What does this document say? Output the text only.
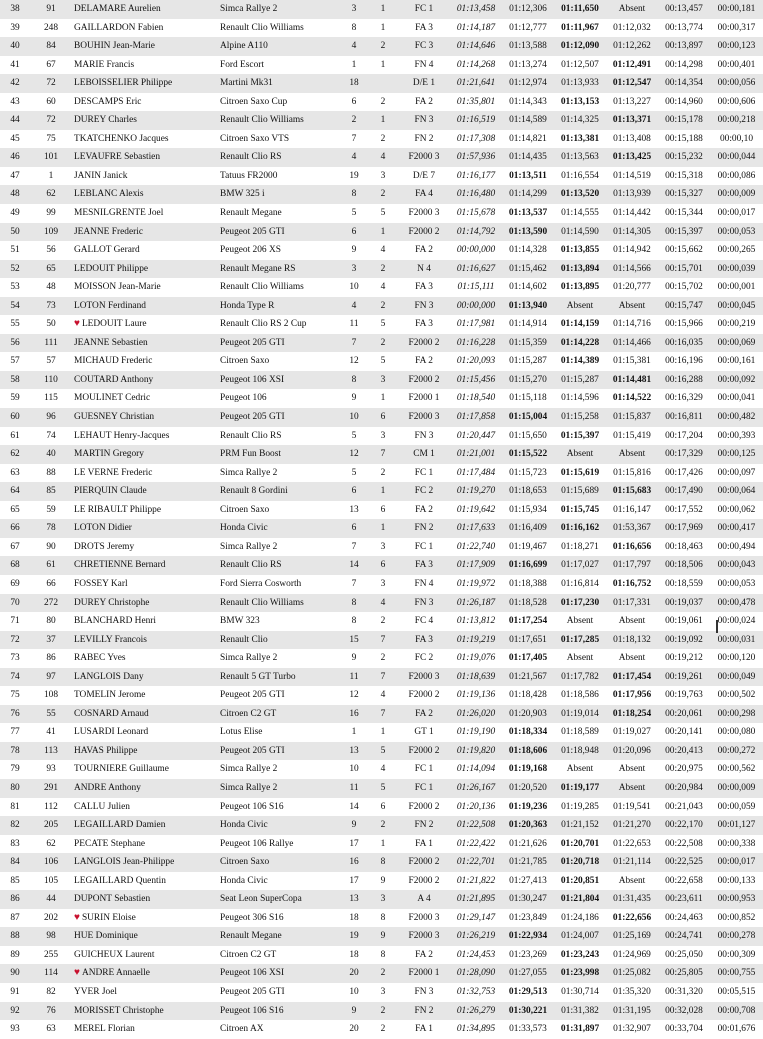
38	91	DELAMARE Aurelien	Simca Rallye 2	3	1	FC 1	01:13,458	01:12,306	01:11,650	Absent	00:13,457	00:00,181
39	248	GAILLARDON Fabien	Renault Clio Williams	8	1	FA 3	01:14,187	01:12,777	01:11,967	01:12,032	00:13,774	00:00,317
40	84	BOUHIN Jean-Marie	Alpine A110	4	2	FC 3	01:14,646	01:13,588	01:12,090	01:12,262	00:13,897	00:00,123
41	67	MARIE Francis	Ford Escort	1	1	FN 4	01:14,268	01:13,274	01:12,507	01:12,491	00:14,298	00:00,401
42	72	LEBOISSELIER Philippe	Martini Mk31	18		D/E 1	01:21,641	01:12,974	01:13,933	01:12,547	00:14,354	00:00,056
43	60	DESCAMPS Eric	Citroen Saxo Cup	6	2	FA 2	01:35,801	01:14,343	01:13,153	01:13,227	00:14,960	00:00,606
44	72	DUREY Charles	Renault Clio Williams	2	1	FN 3	01:16,519	01:14,589	01:14,325	01:13,371	00:15,178	00:00,218
45	75	TKATCHENKO Jacques	Citroen Saxo VTS	7	2	FN 2	01:17,308	01:14,821	01:13,381	01:13,408	00:15,188	00:00,10
46	101	LEVAUFRE Sebastien	Renault Clio RS	4	4	F2000 3	01:57,936	01:14,435	01:13,563	01:13,425	00:15,232	00:00,044
47	1	JANIN Janick	Tatuus FR2000	19	3	D/E 7	01:16,177	01:13,511	01:16,554	01:14,519	00:15,318	00:00,086
48	62	LEBLANC Alexis	BMW 325 i	8	2	FA 4	01:16,480	01:14,299	01:13,520	01:13,939	00:15,327	00:00,009
49	99	MESNILGRENTE Joel	Renault Megane	5	5	F2000 3	01:15,678	01:13,537	01:14,555	01:14,442	00:15,344	00:00,017
50	109	JEANNE Frederic	Peugeot 205 GTI	6	1	F2000 2	01:14,792	01:13,590	01:14,590	01:14,305	00:15,397	00:00,053
51	56	GALLOT Gerard	Peugeot 206 XS	9	4	FA 2	00:00,000	01:14,328	01:13,855	01:14,942	00:15,662	00:00,265
52	65	LEDOUIT Philippe	Renault Megane RS	3	2	N 4	01:16,627	01:15,462	01:13,894	01:14,566	00:15,701	00:00,039
53	48	MOISSON Jean-Marie	Renault Clio Williams	10	4	FA 3	01:15,111	01:14,602	01:13,895	01:20,777	00:15,702	00:00,001
54	73	LOTON Ferdinand	Honda Type R	4	2	FN 3	00:00,000	01:13,940	Absent	Absent	00:15,747	00:00,045
55	50	♥ LEDOUIT Laure	Renault Clio RS 2 Cup	11	5	FA 3	01:17,981	01:14,914	01:14,159	01:14,716	00:15,966	00:00,219
56	111	JEANNE Sebastien	Peugeot 205 GTI	7	2	F2000 2	01:16,228	01:15,359	01:14,228	01:14,466	00:16,035	00:00,069
57	57	MICHAUD Frederic	Citroen Saxo	12	5	FA 2	01:20,093	01:15,287	01:14,389	01:15,381	00:16,196	00:00,161
58	110	COUTARD Anthony	Peugeot 106 XSI	8	3	F2000 2	01:15,456	01:15,270	01:15,287	01:14,481	00:16,288	00:00,092
59	115	MOULINET Cedric	Peugeot 106	9	1	F2000 1	01:18,540	01:15,118	01:14,596	01:14,522	00:16,329	00:00,041
60	96	GUESNEY Christian	Peugeot 205 GTI	10	6	F2000 3	01:17,858	01:15,004	01:15,258	01:15,837	00:16,811	00:00,482
61	74	LEHAUT Henry-Jacques	Renault Clio RS	5	3	FN 3	01:20,447	01:15,650	01:15,397	01:15,419	00:17,204	00:00,393
62	40	MARTIN Gregory	PRM Fun Boost	12	7	CM 1	01:21,001	01:15,522	Absent	Absent	00:17,329	00:00,125
63	88	LE VERNE Frederic	Simca Rallye 2	5	2	FC 1	01:17,484	01:15,723	01:15,619	01:15,816	00:17,426	00:00,097
64	85	PIERQUIN Claude	Renault 8 Gordini	6	1	FC 2	01:19,270	01:18,653	01:15,689	01:15,683	00:17,490	00:00,064
65	59	LE RIBAULT Philippe	Citroen Saxo	13	6	FA 2	01:19,642	01:15,934	01:15,745	01:16,147	00:17,552	00:00,062
66	78	LOTON Didier	Honda Civic	6	1	FN 2	01:17,633	01:16,409	01:16,162	01:53,367	00:17,969	00:00,417
67	90	DROTS Jeremy	Simca Rallye 2	7	3	FC 1	01:22,740	01:19,467	01:18,271	01:16,656	00:18,463	00:00,494
68	61	CHRETIENNE Bernard	Renault Clio RS	14	6	FA 3	01:17,909	01:16,699	01:17,027	01:17,797	00:18,506	00:00,043
69	66	FOSSEY Karl	Ford Sierra Cosworth	7	3	FN 4	01:19,972	01:18,388	01:16,814	01:16,752	00:18,559	00:00,053
70	272	DUREY Christophe	Renault Clio Williams	8	4	FN 3	01:26,187	01:18,528	01:17,230	01:17,331	00:19,037	00:00,478
71	80	BLANCHARD Henri	BMW 323	8	2	FC 4	01:13,812	01:17,254	Absent	Absent	00:19,061	00:00,024
72	37	LEVILLY Francois	Renault Clio	15	7	FA 3	01:19,219	01:17,651	01:17,285	01:18,132	00:19,092	00:00,031
73	86	RABEC Yves	Simca Rallye 2	9	2	FC 2	01:19,076	01:17,405	Absent	Absent	00:19,212	00:00,120
74	97	LANGLOIS Dany	Renault 5 GT Turbo	11	7	F2000 3	01:18,639	01:21,567	01:17,782	01:17,454	00:19,261	00:00,049
75	108	TOMELIN Jerome	Peugeot 205 GTI	12	4	F2000 2	01:19,136	01:18,428	01:18,586	01:17,956	00:19,763	00:00,502
76	55	COSNARD Arnaud	Citroen C2 GT	16	7	FA 2	01:26,020	01:20,903	01:19,014	01:18,254	00:20,061	00:00,298
77	41	LUSARDI Leonard	Lotus Elise	1	1	GT 1	01:19,190	01:18,334	01:18,589	01:19,027	00:20,141	00:00,080
78	113	HAVAS Philippe	Peugeot 205 GTI	13	5	F2000 2	01:19,820	01:18,606	01:18,948	01:20,096	00:20,413	00:00,272
79	93	TOURNIERE Guillaume	Simca Rallye 2	10	4	FC 1	01:14,094	01:19,168	Absent	Absent	00:20,975	00:00,562
80	291	ANDRE Anthony	Simca Rallye 2	11	5	FC 1	01:26,167	01:20,520	01:19,177	Absent	00:20,984	00:00,009
81	112	CALLU Julien	Peugeot 106 S16	14	6	F2000 2	01:20,136	01:19,236	01:19,285	01:19,541	00:21,043	00:00,059
82	205	LEGAILLARD Damien	Honda Civic	9	2	FN 2	01:22,508	01:20,363	01:21,152	01:21,270	00:22,170	00:01,127
83	62	PECATE Stephane	Peugeot 106 Rallye	17	1	FA 1	01:22,422	01:21,626	01:20,701	01:22,653	00:22,508	00:00,338
84	106	LANGLOIS Jean-Philippe	Citroen Saxo	16	8	F2000 2	01:22,701	01:21,785	01:20,718	01:21,114	00:22,525	00:00,017
85	105	LEGAILLARD Quentin	Honda Civic	17	9	F2000 2	01:21,822	01:27,413	01:20,851	Absent	00:22,658	00:00,133
86	44	DUPONT Sebastien	Seat Leon SuperCopa	13	3	A 4	01:21,895	01:30,247	01:21,804	01:31,435	00:23,611	00:00,953
87	202	♥ SURIN Eloise	Peugeot 306 S16	18	8	F2000 3	01:29,147	01:23,849	01:24,186	01:22,656	00:24,463	00:00,852
88	98	HUE Dominique	Renault Megane	19	9	F2000 3	01:26,219	01:22,934	01:24,007	01:25,169	00:24,741	00:00,278
89	255	GUICHEUX Laurent	Citroen C2 GT	18	8	FA 2	01:24,453	01:23,269	01:23,243	01:24,969	00:25,050	00:00,309
90	114	♥ ANDRE Annaelle	Peugeot 106 XSI	20	2	F2000 1	01:28,090	01:27,055	01:23,998	01:25,082	00:25,805	00:00,755
91	82	YVER Joel	Peugeot 205 GTI	10	3	FN 3	01:32,753	01:29,513	01:30,714	01:35,320	00:31,320	00:05,515
92	76	MORISSET Christophe	Peugeot 106 S16	9	2	FN 2	01:26,279	01:30,221	01:31,382	01:31,195	00:32,028	00:00,708
93	63	MEREL Florian	Citroen AX	20	2	FA 1	01:34,895	01:33,573	01:31,897	01:32,907	00:33,704	00:01,676
